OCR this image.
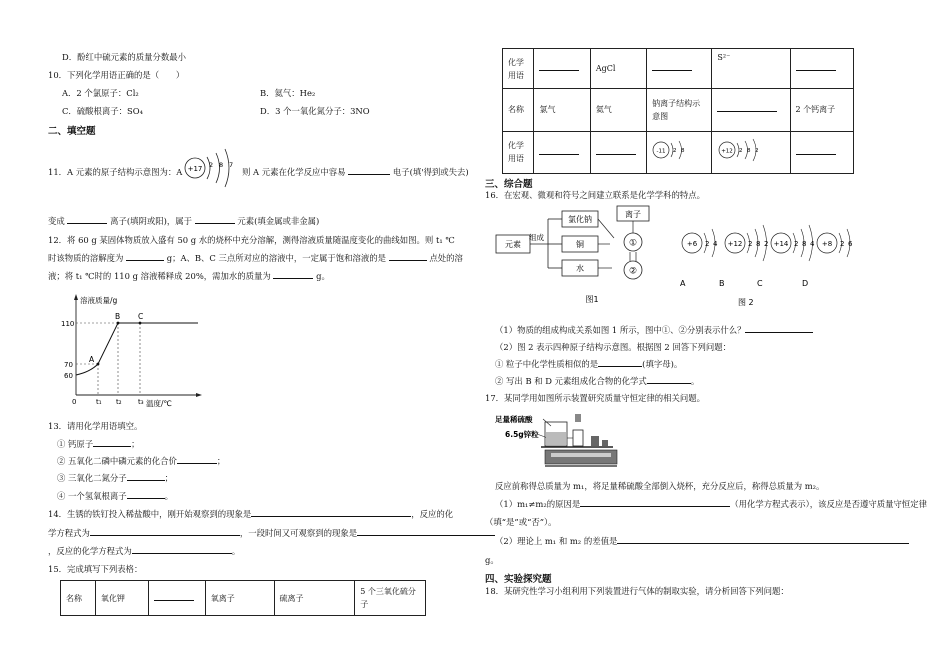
D．酚红中硫元素的质量分数最小
10．下列化学用语正确的是（　　）
A．2 个氯原子：Cl₂	B．氦气：He₂
C．硫酸根离子：SO₄	D．3 个一氧化氮分子：3NO
二、填空题
11．A 元素的原子结构示意图为：A +17 2 8 7
则 A 元素在化学反应中容易	电子(填'得到或失去)
变成	离子(填阴或阳)，属于	元素(填金属或非金属)
12．将 60 g 某固体物质放入盛有 50 g 水的烧杯中充分溶解，测得溶液质量随温度变化的曲线如图。则 t₁ ℃
时该物质的溶解度为	g；A、B、C 三点所对应的溶液中，一定属于饱和溶液的是	点处的溶
液；将 t₁ ℃时的 110 g 溶液稀释成 20%，需加水的质量为	g。
溶液质量/g
温度/℃
110
70
60
0	t₁ t₂ t₃
A
B C
13．请用化学用语填空。
① 钙原子	；
② 五氧化二磷中磷元素的化合价	；
③ 三氧化二氮分子	；
④ 一个氢氧根离子	。
14．生锈的铁钉投入稀盐酸中，刚开始观察到的现象是	，反应的化
学方程式为	，一段时间又可观察到的现象是
，反应的化学方程式为	。
15．完成填写下列表格：
名称	氧化钾		氧离子	硫离子	5 个三氧化硫分子
化学用语		AgCl		S²⁻	
名称	氯气	氦气	钠离子结构示意图		2 个钙离子
化学用语			-11 2 8	+12 2 8 2	

三、综合题
16．在宏观、微观和符号之间建立联系是化学学科的特点。
元素
组成
氯化钠
铜
水
离子
①
②
图1
+6 2 4
A
+12 2 8 2
B
+14 2 8 4
C
+8 2 6
D
图 2
（1）物质的组成构成关系如图 1 所示，图中①、②分别表示什么？
（2）图 2 表示四种原子结构示意图。根据图 2 回答下列问题：
① 粒子中化学性质相似的是	(填字母)。
② 写出 B 和 D 元素组成化合物的化学式	。
17．某同学用如图所示装置研究质量守恒定律的相关问题。
足量稀硫酸
6.5g锌粒
反应前称得总质量为 m₁，将足量稀硫酸全部倒入烧杯，充分反应后，称得总质量为 m₂。
（1）m₁≠m₂的原因是	（用化学方程式表示），该反应是否遵守质量守恒定律
（填“是”或“否”）。
（2）理论上 m₁ 和 m₂ 的差值是
g。
四、实验探究题
18．某研究性学习小组利用下列装置进行气体的制取实验，请分析回答下列问题：
